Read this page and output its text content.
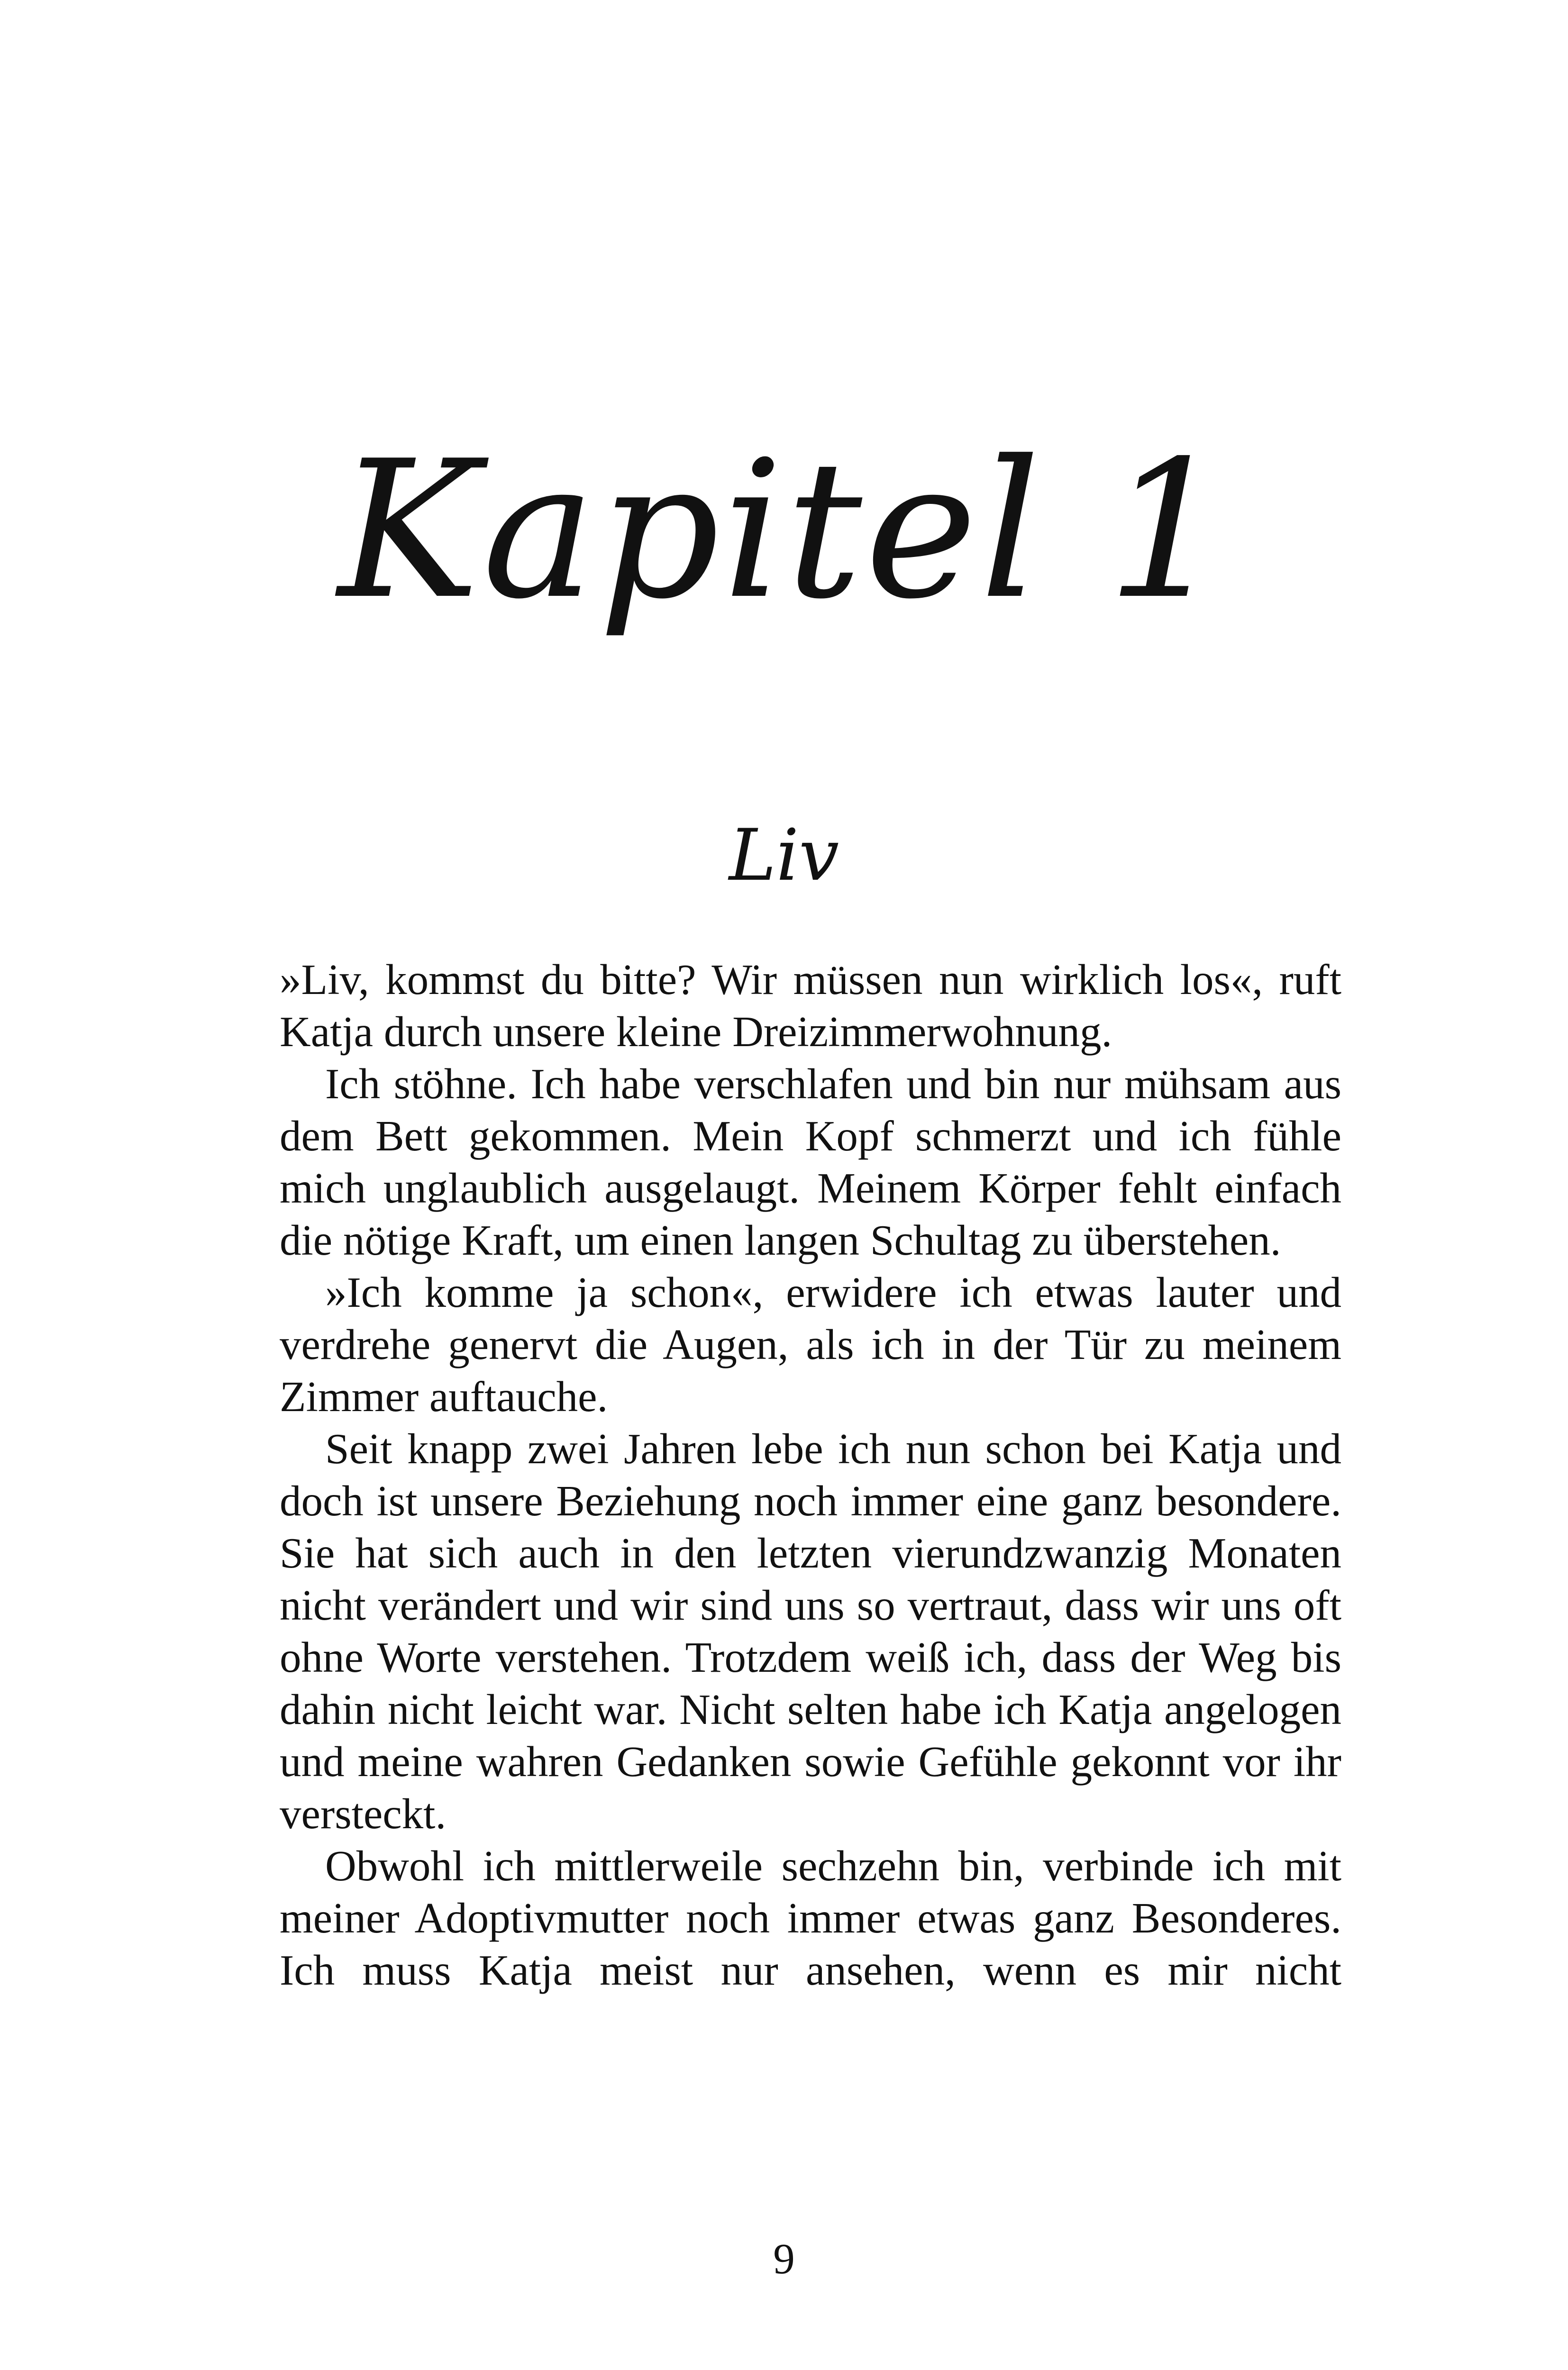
Kapitel 1
Liv

»Liv, kommst du bitte? Wir müssen nun wirklich los«, ruft Katja durch unsere kleine Dreizimmerwohnung.

Ich stöhne. Ich habe verschlafen und bin nur mühsam aus dem Bett gekommen. Mein Kopf schmerzt und ich fühle mich unglaublich ausgelaugt. Meinem Körper fehlt einfach die nötige Kraft, um einen langen Schultag zu überstehen.

»Ich komme ja schon«, erwidere ich etwas lauter und verdrehe genervt die Augen, als ich in der Tür zu meinem Zimmer auftauche.

Seit knapp zwei Jahren lebe ich nun schon bei Katja und doch ist unsere Beziehung noch immer eine ganz besondere. Sie hat sich auch in den letzten vierundzwanzig Monaten nicht verändert und wir sind uns so vertraut, dass wir uns oft ohne Worte verstehen. Trotzdem weiß ich, dass der Weg bis dahin nicht leicht war. Nicht selten habe ich Katja angelogen und meine wahren Gedanken sowie Gefühle gekonnt vor ihr versteckt.

Obwohl ich mittlerweile sechzehn bin, verbinde ich mit meiner Adoptivmutter noch immer etwas ganz Besonderes. Ich muss Katja meist nur ansehen, wenn es mir nicht

9
